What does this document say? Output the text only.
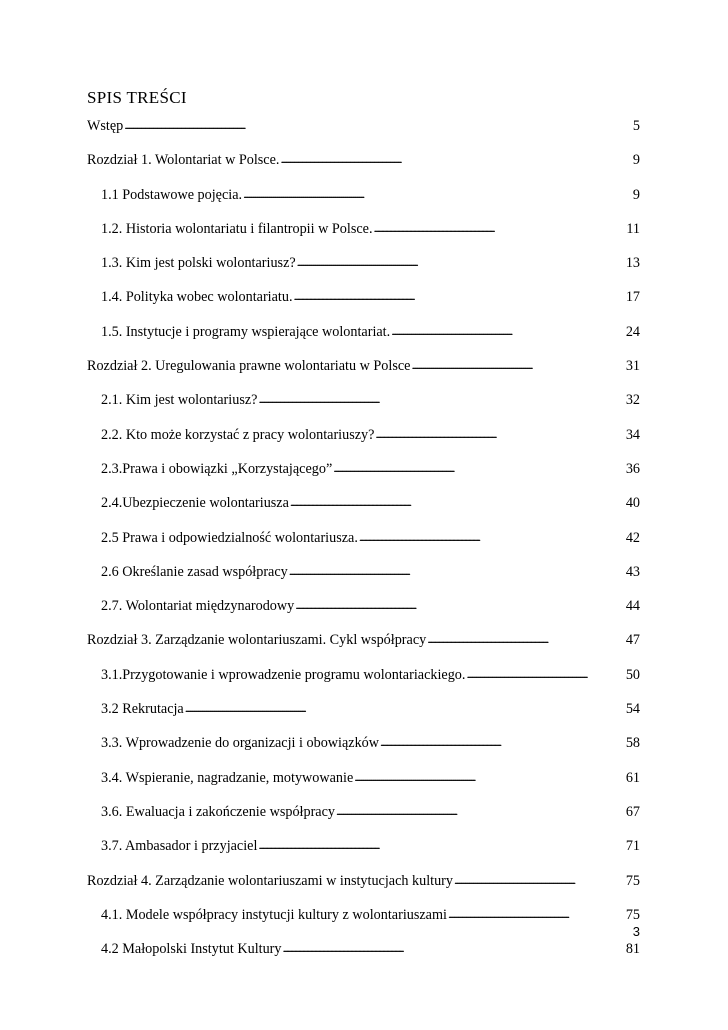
SPIS TREŚCI
Wstęp . . .	5
Rozdział 1. Wolontariat w Polsce. . . .	9
1.1 Podstawowe pojęcia. . . .	9
1.2. Historia wolontariatu i filantropii w Polsce. . . .	11
1.3. Kim jest polski wolontariusz? . . .	13
1.4. Polityka wobec wolontariatu. . . .	17
1.5. Instytucje i programy wspierające wolontariat. . . .	24
Rozdział 2. Uregulowania prawne wolontariatu w Polsce . . .	31
2.1. Kim jest wolontariusz? . . .	32
2.2. Kto może korzystać z pracy wolontariuszy? . . .	34
2.3.Prawa i obowiązki „Korzystającego” . . .	36
2.4.Ubezpieczenie wolontariusza . . .	40
2.5 Prawa i odpowiedzialność wolontariusza. . . .	42
2.6 Określanie zasad współpracy . . .	43
2.7. Wolontariat międzynarodowy . . .	44
Rozdział 3. Zarządzanie wolontariuszami. Cykl współpracy . . .	47
3.1.Przygotowanie i wprowadzenie programu wolontariackiego. . . .	50
3.2 Rekrutacja . . .	54
3.3. Wprowadzenie do organizacji i obowiązków . . .	58
3.4. Wspieranie, nagradzanie, motywowanie . . .	61
3.6. Ewaluacja i zakończenie współpracy . . .	67
3.7. Ambasador i przyjaciel . . .	71
Rozdział 4. Zarządzanie wolontariuszami w instytucjach kultury . . .	75
4.1. Modele współpracy instytucji kultury z wolontariuszami . . .	75
4.2 Małopolski Instytut Kultury . . .	81
3
